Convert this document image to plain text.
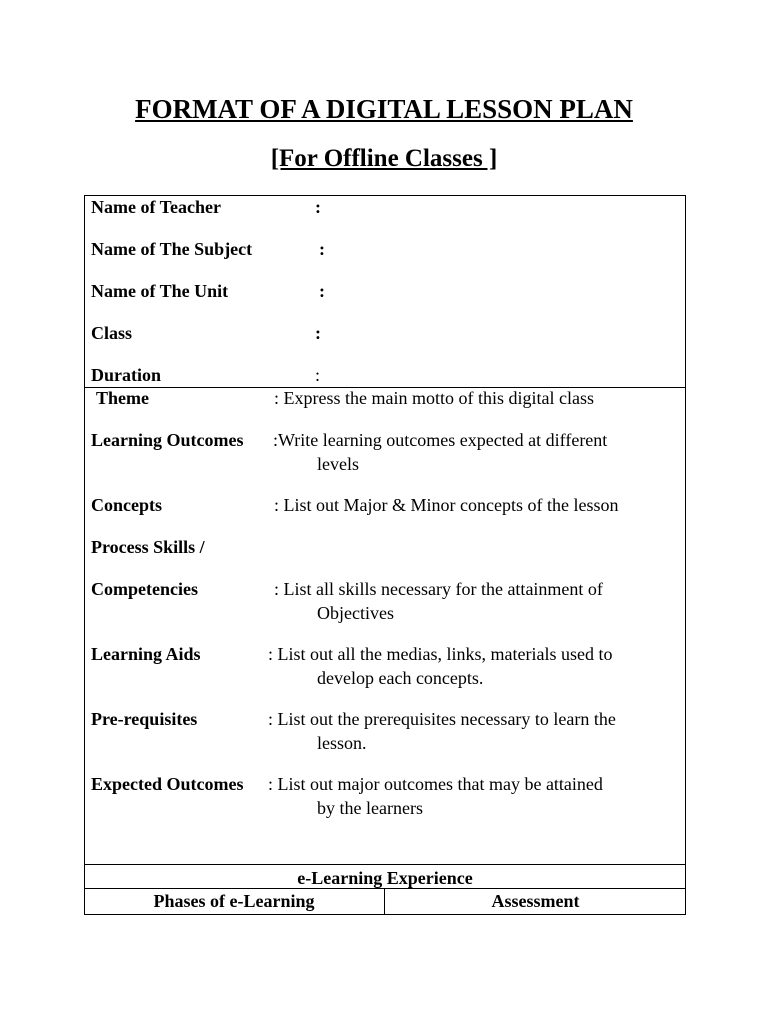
FORMAT OF A DIGITAL LESSON PLAN
[For Offline Classes ]
Name of Teacher	:
Name of The Subject	:
Name of The Unit	:
Class	:
Duration	:
Theme	: Express the main motto of this digital class
Learning Outcomes :Write learning outcomes expected at different
levels
Concepts	: List out Major & Minor concepts of the lesson
Process Skills /
Competencies	: List all skills necessary for the attainment of
Objectives
Learning Aids	: List out all the medias, links, materials used to
develop each concepts.
Pre-requisites	: List out the prerequisites necessary to learn the
lesson.
Expected Outcomes : List out major outcomes that may be attained
by the learners
e-Learning Experience
Phases of e-Learning	Assessment
